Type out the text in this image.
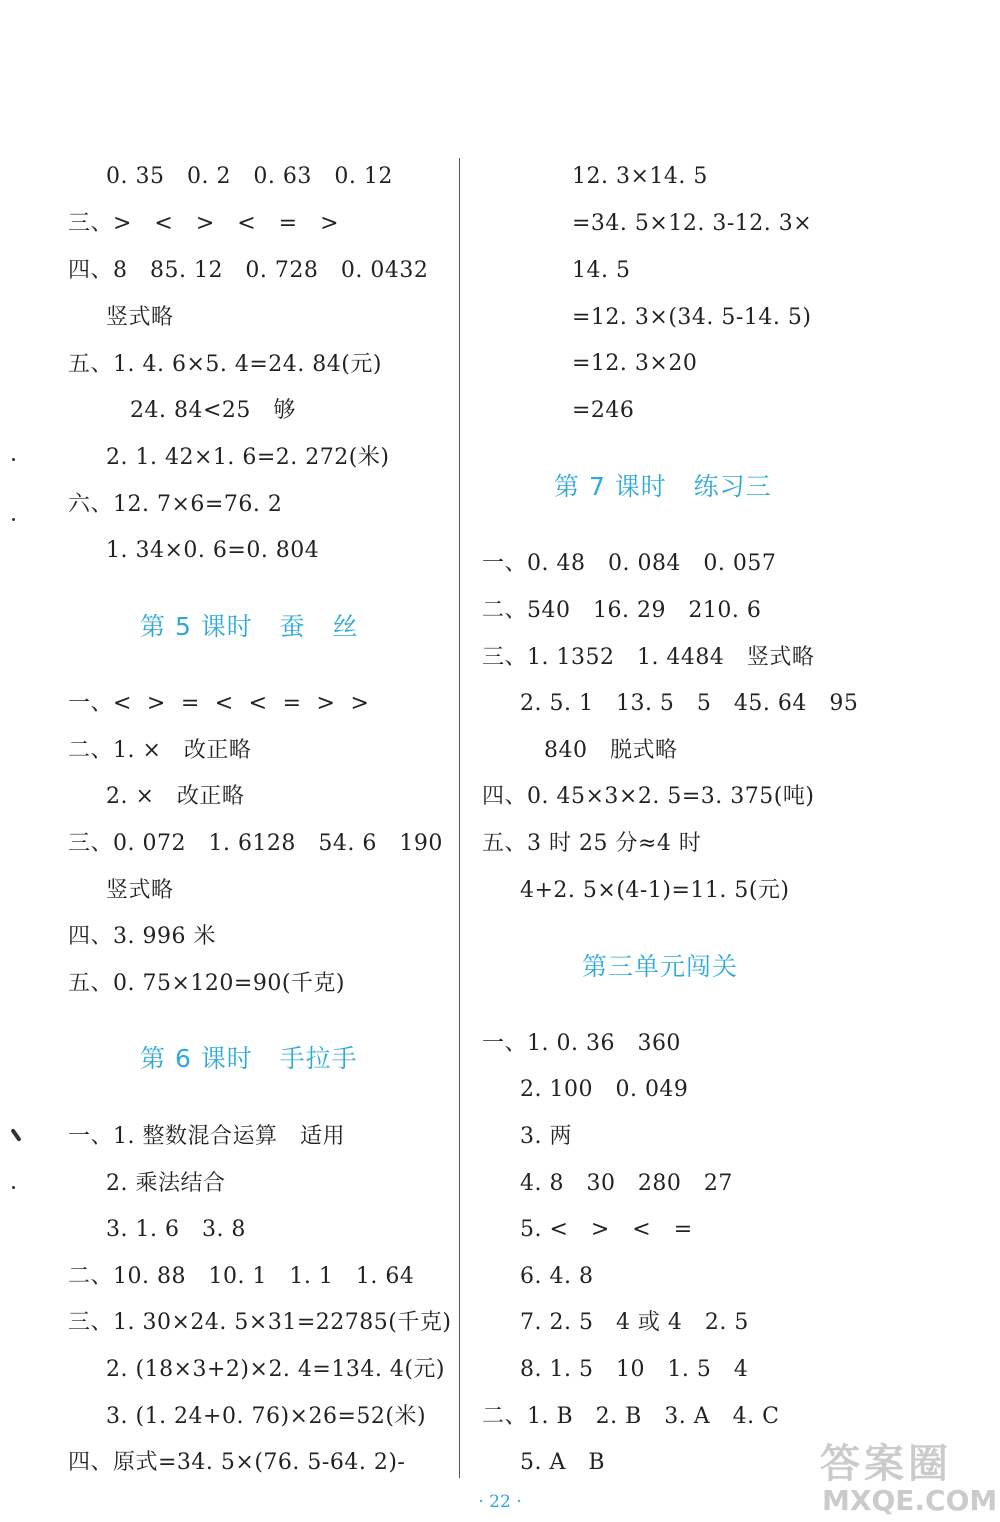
0. 35   0. 2   0. 63   0. 12
三、>   <   >   <   =   >
四、8   85. 12   0. 728   0. 0432
竖式略
五、1. 4. 6×5. 4=24. 84(元)
24. 84<25   够
2. 1. 42×1. 6=2. 272(米)
六、12. 7×6=76. 2
1. 34×0. 6=0. 804
第 5 课时   蚕   丝
一、<  >  =  <  <  =  >  >
二、1. ×   改正略
2. ×   改正略
三、0. 072   1. 6128   54. 6   190
竖式略
四、3. 996 米
五、0. 75×120=90(千克)
第 6 课时   手拉手
一、1. 整数混合运算   适用
2. 乘法结合
3. 1. 6   3. 8
二、10. 88   10. 1   1. 1   1. 64
三、1. 30×24. 5×31=22785(千克)
2. (18×3+2)×2. 4=134. 4(元)
3. (1. 24+0. 76)×26=52(米)
四、原式=34. 5×(76. 5-64. 2)-
12. 3×14. 5
=34. 5×12. 3-12. 3×
14. 5
=12. 3×(34. 5-14. 5)
=12. 3×20
=246
第 7 课时   练习三
一、0. 48   0. 084   0. 057
二、540   16. 29   210. 6
三、1. 1352   1. 4484   竖式略
2. 5. 1   13. 5   5   45. 64   95
840   脱式略
四、0. 45×3×2. 5=3. 375(吨)
五、3 时 25 分≈4 时
4+2. 5×(4-1)=11. 5(元)
第三单元闯关
一、1. 0. 36   360
2. 100   0. 049
3. 两
4. 8   30   280   27
5. <   >   <   =
6. 4. 8
7. 2. 5   4 或 4   2. 5
8. 1. 5   10   1. 5   4
二、1. B   2. B   3. A   4. C
5. A   B
· 22 ·
答案圈
MXQE.COM
